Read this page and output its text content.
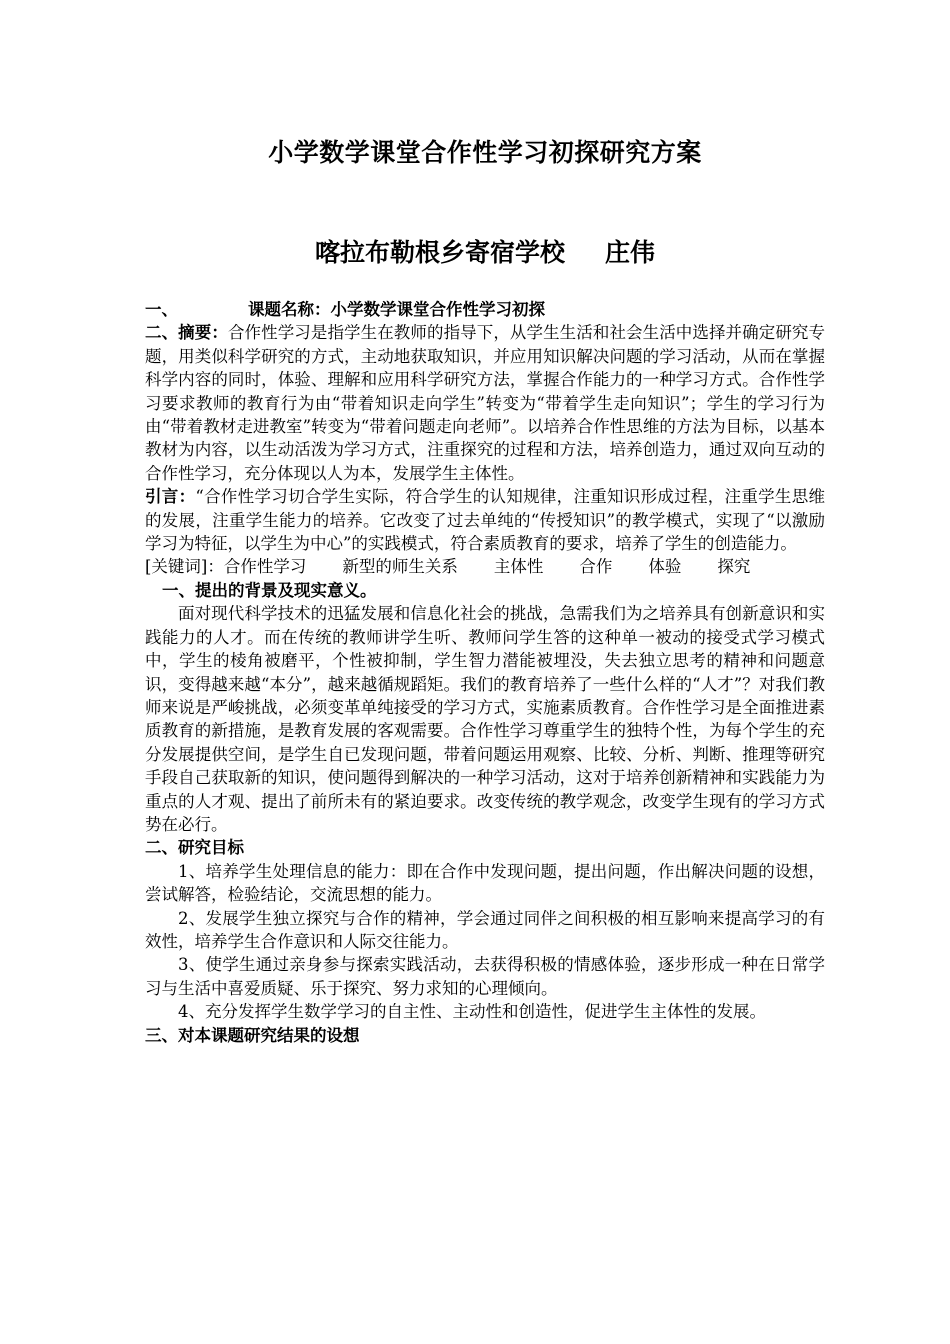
小学数学课堂合作性学习初探研究方案
喀拉布勒根乡寄宿学校 庄伟

一、	课题名称：小学数学课堂合作性学习初探

二、摘要：合作性学习是指学生在教师的指导下，从学生生活和社会生活中选择并确定研究专题，用类似科学研究的方式，主动地获取知识，并应用知识解决问题的学习活动，从而在掌握科学内容的同时，体验、理解和应用科学研究方法，掌握合作能力的一种学习方式。合作性学习要求教师的教育行为由“带着知识走向学生”转变为“带着学生走向知识”；学生的学习行为由“带着教材走进教室”转变为“带着问题走向老师”。以培养合作性思维的方法为目标，以基本教材为内容，以生动活泼为学习方式，注重探究的过程和方法，培养创造力，通过双向互动的合作性学习，充分体现以人为本，发展学生主体性。

引言：“合作性学习切合学生实际，符合学生的认知规律，注重知识形成过程，注重学生思维的发展，注重学生能力的培养。它改变了过去单纯的“传授知识”的教学模式，实现了“以激励学习为特征，以学生为中心”的实践模式，符合素质教育的要求，培养了学生的创造能力。

[关键词]：合作性学习 新型的师生关系 主体性 合作 体验 探究

一、提出的背景及现实意义。

面对现代科学技术的迅猛发展和信息化社会的挑战，急需我们为之培养具有创新意识和实践能力的人才。而在传统的教师讲学生听、教师问学生答的这种单一被动的接受式学习模式中，学生的棱角被磨平，个性被抑制，学生智力潜能被埋没，失去独立思考的精神和问题意识，变得越来越“本分”，越来越循规蹈矩。我们的教育培养了一些什么样的“人才”？对我们教师来说是严峻挑战，必须变革单纯接受的学习方式，实施素质教育。合作性学习是全面推进素质教育的新措施，是教育发展的客观需要。合作性学习尊重学生的独特个性，为每个学生的充分发展提供空间，是学生自已发现问题，带着问题运用观察、比较、分析、判断、推理等研究手段自己获取新的知识，使问题得到解决的一种学习活动，这对于培养创新精神和实践能力为重点的人才观、提出了前所未有的紧迫要求。改变传统的教学观念，改变学生现有的学习方式势在必行。

二、研究目标

1、培养学生处理信息的能力：即在合作中发现问题，提出问题，作出解决问题的设想，尝试解答，检验结论，交流思想的能力。

2、发展学生独立探究与合作的精神，学会通过同伴之间积极的相互影响来提高学习的有效性，培养学生合作意识和人际交往能力。

3、使学生通过亲身参与探索实践活动，去获得积极的情感体验，逐步形成一种在日常学习与生活中喜爱质疑、乐于探究、努力求知的心理倾向。

4、充分发挥学生数学学习的自主性、主动性和创造性，促进学生主体性的发展。

三、对本课题研究结果的设想
